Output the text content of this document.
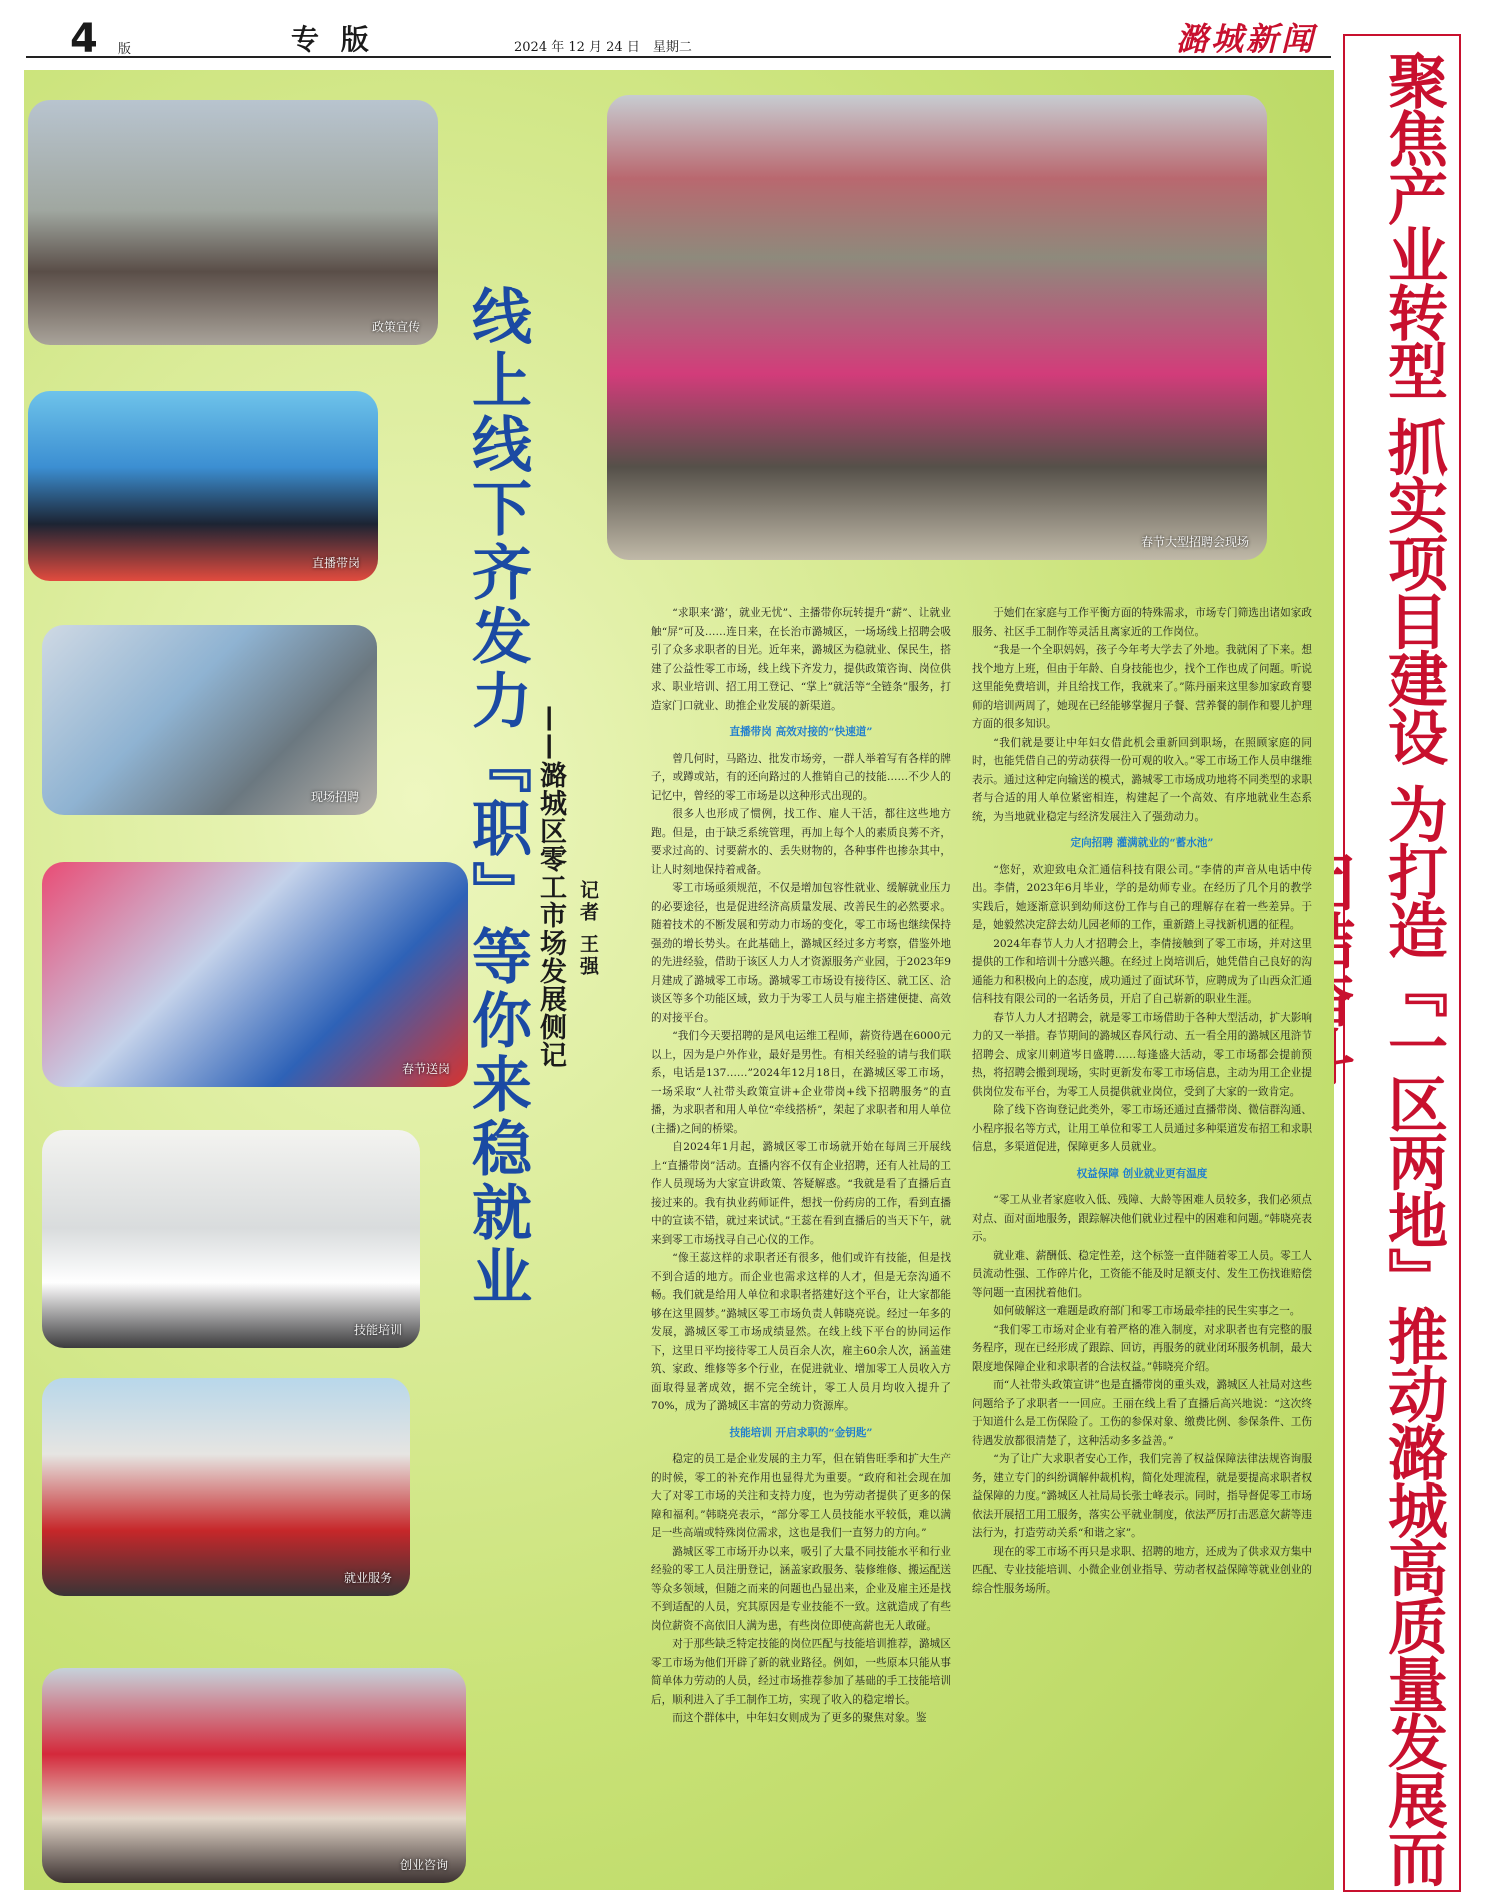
4 版	专 版	2024 年 12 月 24 日　星期二	潞城新闻
聚焦产业转型 抓实项目建设 为打造『一区两地』推动潞城高质量发展而
政策宣传
直播带岗
现场招聘
春节送岗
技能培训
就业服务
创业咨询
春节大型招聘会现场
线上线下齐发力『职』等你来稳就业 ——潞城区零工市场发展侧记 记者 王强

“求职来‘潞’，就业无忧”、主播带你玩转提升“薪”、让就业触“屏”可及……连日来，在长治市潞城区，一场场线上招聘会吸引了众多求职者的目光。近年来，潞城区为稳就业、保民生，搭建了公益性零工市场，线上线下齐发力，提供政策咨询、岗位供求、职业培训、招工用工登记、“掌上”就活等“全链条”服务，打造家门口就业、助推企业发展的新渠道。

直播带岗 高效对接的“快速道”

曾几何时，马路边、批发市场旁，一群人举着写有各样的牌子，或蹲或站，有的还向路过的人推销自己的技能……不少人的记忆中，曾经的零工市场是以这种形式出现的。

很多人也形成了惯例，找工作、雇人干活，都往这些地方跑。但是，由于缺乏系统管理，再加上每个人的素质良莠不齐，要求过高的、讨要薪水的、丢失财物的，各种事件也掺杂其中，让人时刻地保持着戒备。

零工市场亟须规范，不仅是增加包容性就业、缓解就业压力的必要途径，也是促进经济高质量发展、改善民生的必然要求。随着技术的不断发展和劳动力市场的变化，零工市场也继续保持强劲的增长势头。在此基础上，潞城区经过多方考察，借鉴外地的先进经验，借助于该区人力人才资源服务产业园，于2023年9月建成了潞城零工市场。潞城零工市场设有接待区、就工区、洽谈区等多个功能区域，致力于为零工人员与雇主搭建便捷、高效的对接平台。

“我们今天要招聘的是风电运维工程师，薪资待遇在6000元以上，因为是户外作业，最好是男性。有相关经验的请与我们联系，电话是137……”2024年12月18日，在潞城区零工市场，一场采取“人社带头政策宣讲+企业带岗+线下招聘服务”的直播，为求职者和用人单位“牵线搭桥”，架起了求职者和用人单位(主播)之间的桥梁。

自2024年1月起，潞城区零工市场就开始在每周三开展线上“直播带岗”活动。直播内容不仅有企业招聘，还有人社局的工作人员现场为大家宣讲政策、答疑解惑。“我就是看了直播后直接过来的。我有执业药师证件，想找一份药房的工作，看到直播中的宣读不错，就过来试试。”王蕊在看到直播后的当天下午，就来到零工市场找寻自己心仪的工作。

“像王蕊这样的求职者还有很多，他们或许有技能，但是找不到合适的地方。而企业也需求这样的人才，但是无奈沟通不畅。我们就是给用人单位和求职者搭建好这个平台，让大家都能够在这里圆梦。”潞城区零工市场负责人韩晓亮说。经过一年多的发展，潞城区零工市场成绩显然。在线上线下平台的协同运作下，这里日平均接待零工人员百余人次，雇主60余人次，涵盖建筑、家政、维修等多个行业，在促进就业、增加零工人员收入方面取得显著成效，据不完全统计，零工人员月均收入提升了70%，成为了潞城区丰富的劳动力资源库。

技能培训 开启求职的“金钥匙”

稳定的员工是企业发展的主力军，但在销售旺季和扩大生产的时候，零工的补充作用也显得尤为重要。“政府和社会现在加大了对零工市场的关注和支持力度，也为劳动者提供了更多的保障和福利。”韩晓亮表示，“部分零工人员技能水平较低，难以满足一些高端或特殊岗位需求，这也是我们一直努力的方向。”

潞城区零工市场开办以来，吸引了大量不同技能水平和行业经验的零工人员注册登记，涵盖家政服务、装修维修、搬运配送等众多领域，但随之而来的问题也凸显出来，企业及雇主还是找不到适配的人员，究其原因是专业技能不一致。这就造成了有些岗位薪资不高依旧人满为患，有些岗位即使高薪也无人敢碰。

对于那些缺乏特定技能的岗位匹配与技能培训推荐，潞城区零工市场为他们开辟了新的就业路径。例如，一些原本只能从事简单体力劳动的人员，经过市场推荐参加了基础的手工技能培训后，顺利进入了手工制作工坊，实现了收入的稳定增长。

而这个群体中，中年妇女则成为了更多的聚焦对象。鉴

于她们在家庭与工作平衡方面的特殊需求，市场专门筛选出诸如家政服务、社区手工制作等灵活且离家近的工作岗位。

“我是一个全职妈妈，孩子今年考大学去了外地。我就闲了下来。想找个地方上班，但由于年龄、自身技能也少，找个工作也成了问题。听说这里能免费培训，并且给找工作，我就来了。”陈丹丽来这里参加家政育婴师的培训两周了，她现在已经能够掌握月子餐、营养餐的制作和婴儿护理方面的很多知识。

“我们就是要让中年妇女借此机会重新回到职场，在照顾家庭的同时，也能凭借自己的劳动获得一份可观的收入。”零工市场工作人员申继维表示。通过这种定向输送的模式，潞城零工市场成功地将不同类型的求职者与合适的用人单位紧密相连，构建起了一个高效、有序地就业生态系统，为当地就业稳定与经济发展注入了强劲动力。

定向招聘 灌满就业的“蓄水池”

“您好，欢迎致电众汇通信科技有限公司。”李倩的声音从电话中传出。李倩，2023年6月毕业，学的是幼师专业。在经历了几个月的教学实践后，她逐渐意识到幼师这份工作与自己的理解存在着一些差异。于是，她毅然决定辞去幼儿园老师的工作，重新踏上寻找新机遇的征程。

2024年春节人力人才招聘会上，李倩接触到了零工市场，并对这里提供的工作和培训十分感兴趣。在经过上岗培训后，她凭借自己良好的沟通能力和积极向上的态度，成功通过了面试环节，应聘成为了山西众汇通信科技有限公司的一名话务员，开启了自己崭新的职业生涯。

春节人力人才招聘会，就是零工市场借助于各种大型活动，扩大影响力的又一举措。春节期间的潞城区春风行动、五一看全用的潞城区甩浒节招聘会、成家川刺道岑日盛聘……每逢盛大活动，零工市场都会提前预热，将招聘会搬到现场，实时更新发布零工市场信息，主动为用工企业提供岗位发布平台，为零工人员提供就业岗位，受到了大家的一致肯定。

除了线下咨询登记此类外，零工市场还通过直播带岗、微信群沟通、小程序报名等方式，让用工单位和零工人员通过多种渠道发布招工和求职信息，多渠道促进，保障更多人员就业。

权益保障 创业就业更有温度

“零工从业者家庭收入低、残障、大龄等困难人员较多，我们必须点对点、面对面地服务，跟踪解决他们就业过程中的困难和问题。”韩晓亮表示。

就业难、薪酬低、稳定性差，这个标签一直伴随着零工人员。零工人员流动性强、工作碎片化，工资能不能及时足额支付、发生工伤找谁赔偿等问题一直困扰着他们。

如何破解这一难题是政府部门和零工市场最牵挂的民生实事之一。

“我们零工市场对企业有着严格的准入制度，对求职者也有完整的服务程序，现在已经形成了跟踪、回访，再服务的就业闭环服务机制，最大限度地保障企业和求职者的合法权益。”韩晓亮介绍。

而“人社带头政策宣讲”也是直播带岗的重头戏，潞城区人社局对这些问题给予了求职者一一回应。王丽在线上看了直播后高兴地说：“这次终于知道什么是工伤保险了。工伤的参保对象、缴费比例、参保条件、工伤待遇发放都很清楚了，这种活动多多益善。”

“为了让广大求职者安心工作，我们完善了权益保障法律法规咨询服务，建立专门的纠纷调解仲裁机构，简化处理流程，就是要提高求职者权益保障的力度。”潞城区人社局局长张士峰表示。同时，指导督促零工市场依法开展招工用工服务，落实公平就业制度，依法严厉打击恶意欠薪等违法行为，打造劳动关系“和谐之家”。

现在的零工市场不再只是求职、招聘的地方，还成为了供求双方集中匹配、专业技能培训、小微企业创业指导、劳动者权益保障等就业创业的综合性服务场所。
